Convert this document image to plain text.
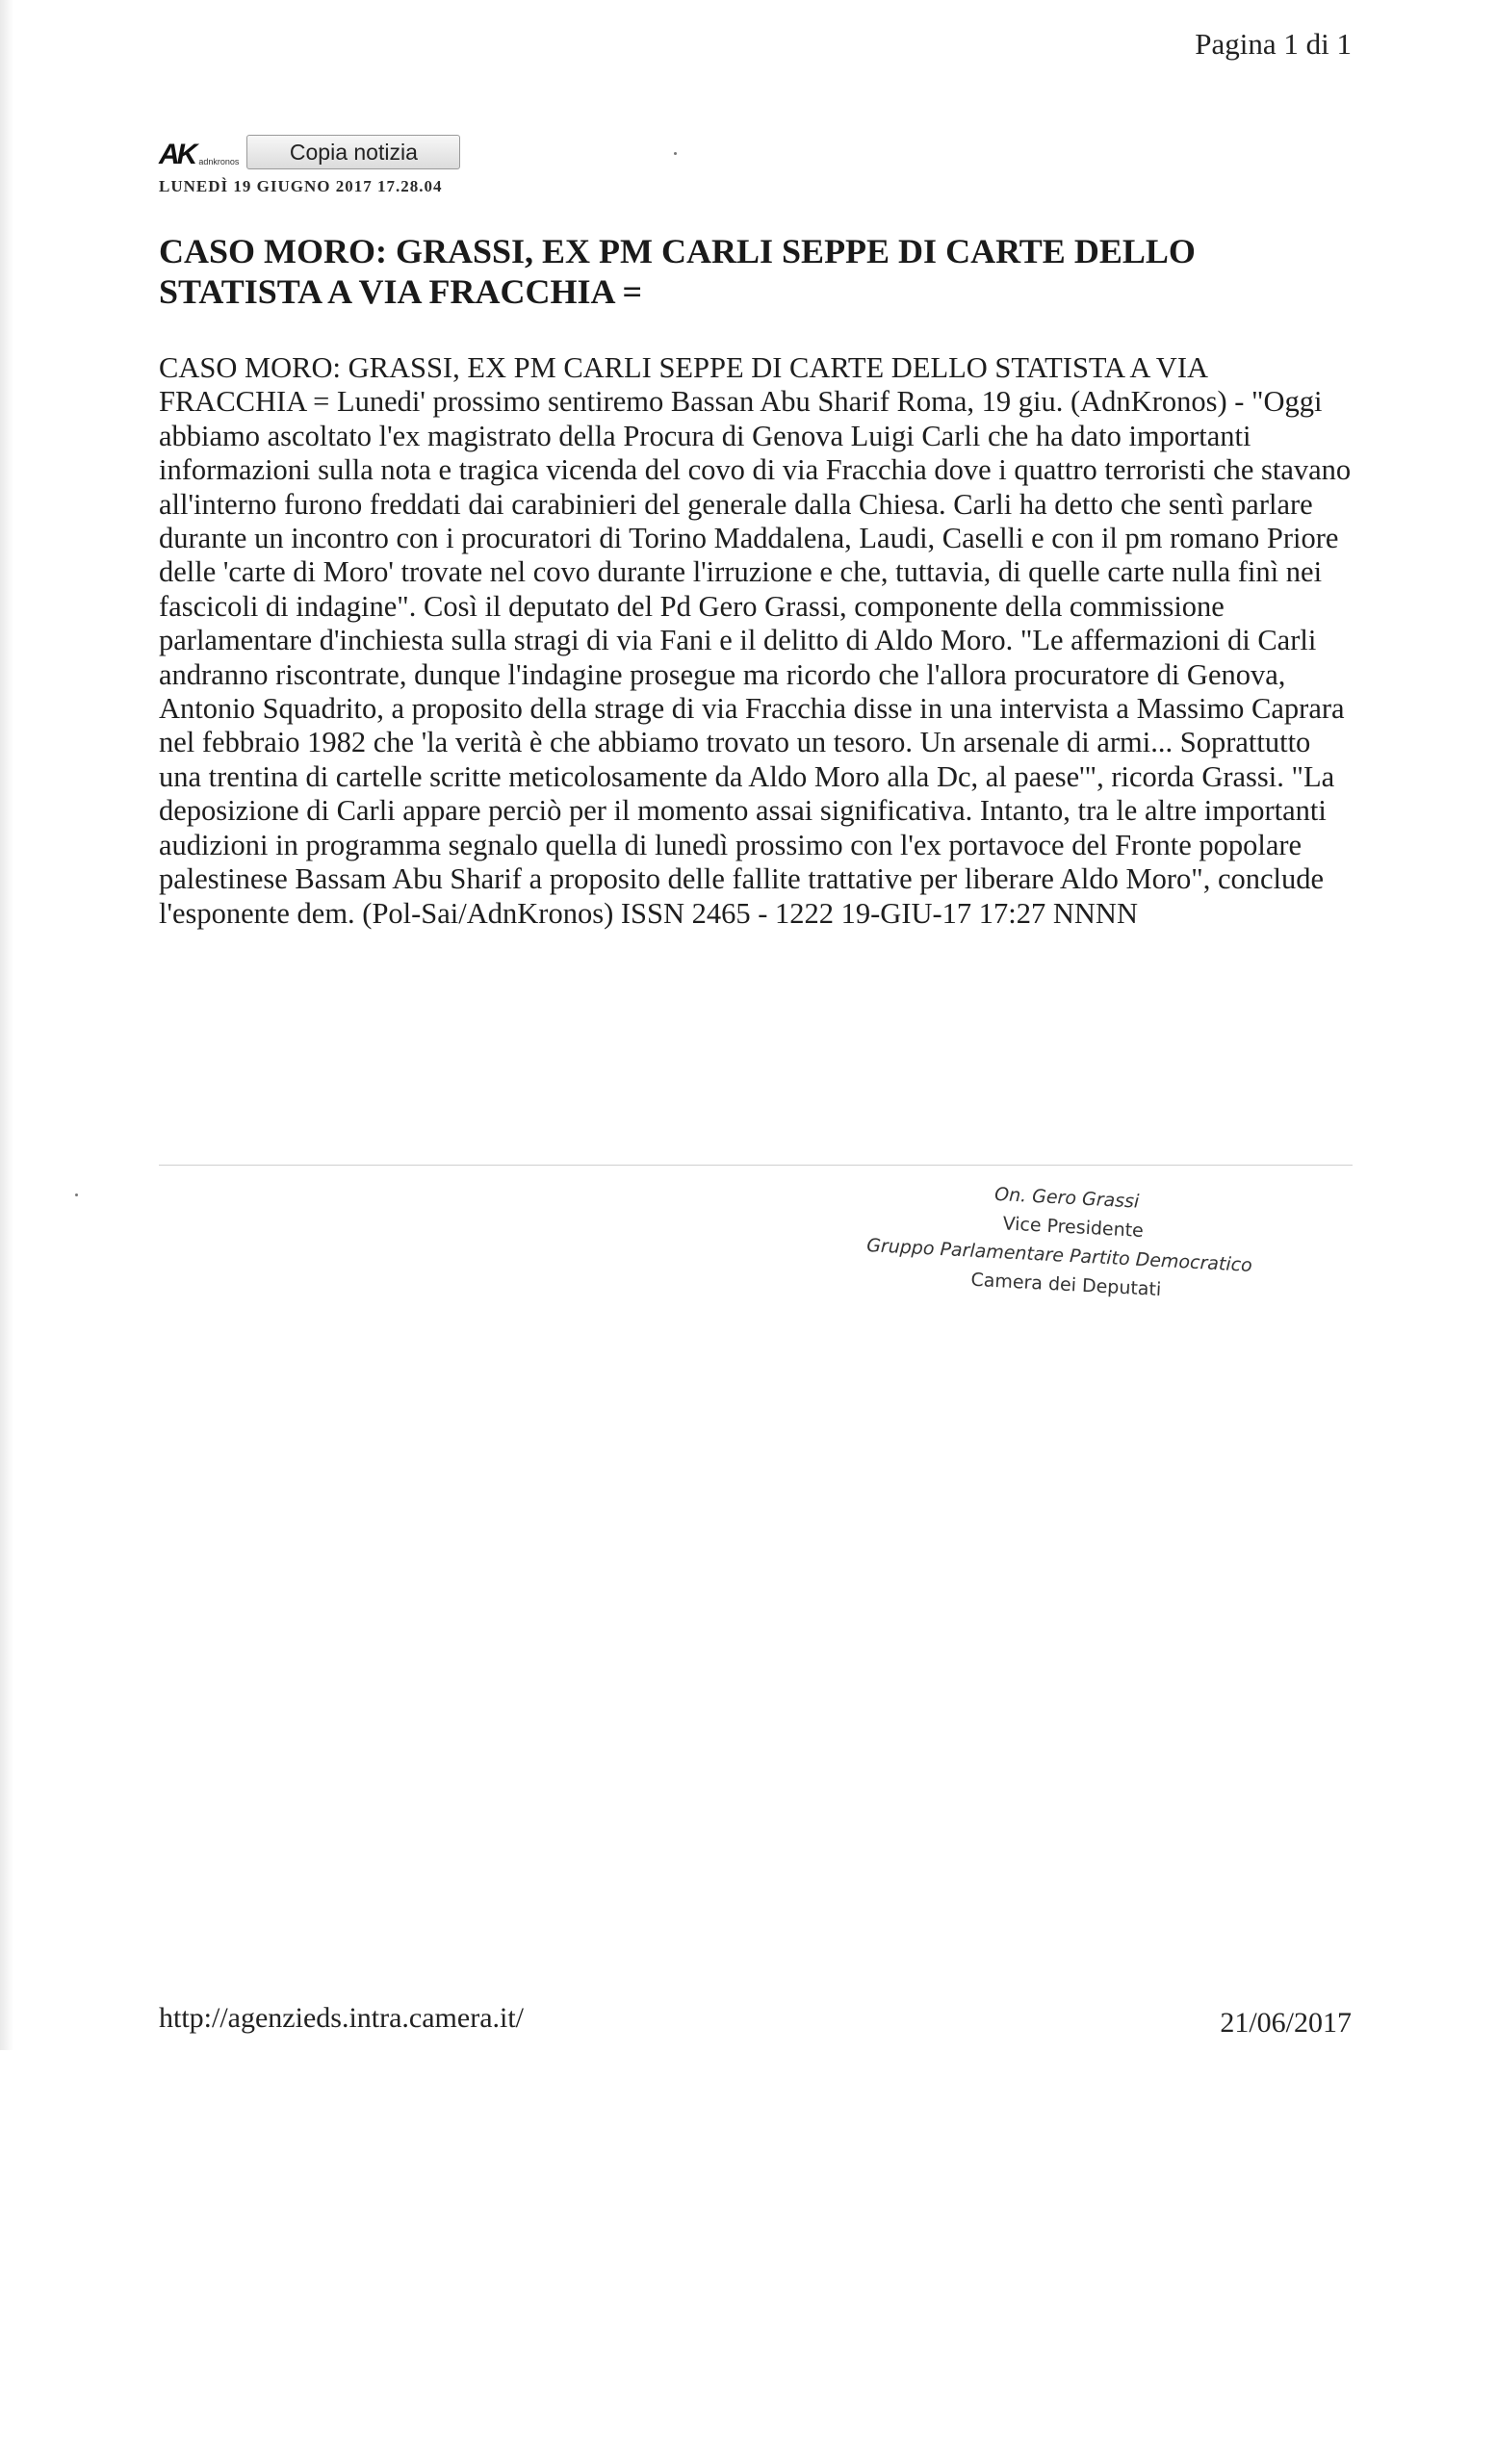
Pagina 1 di 1
AK adnkronos	Copia notizia
LUNEDÌ 19 GIUGNO 2017 17.28.04
CASO MORO: GRASSI, EX PM CARLI SEPPE DI CARTE DELLO STATISTA A VIA FRACCHIA =

CASO MORO: GRASSI, EX PM CARLI SEPPE DI CARTE DELLO STATISTA A VIA FRACCHIA = Lunedi' prossimo sentiremo Bassan Abu Sharif Roma, 19 giu. (AdnKronos) - "Oggi abbiamo ascoltato l'ex magistrato della Procura di Genova Luigi Carli che ha dato importanti informazioni sulla nota e tragica vicenda del covo di via Fracchia dove i quattro terroristi che stavano all'interno furono freddati dai carabinieri del generale dalla Chiesa. Carli ha detto che sentì parlare durante un incontro con i procuratori di Torino Maddalena, Laudi, Caselli e con il pm romano Priore delle 'carte di Moro' trovate nel covo durante l'irruzione e che, tuttavia, di quelle carte nulla finì nei fascicoli di indagine". Così il deputato del Pd Gero Grassi, componente della commissione parlamentare d'inchiesta sulla stragi di via Fani e il delitto di Aldo Moro. "Le affermazioni di Carli andranno riscontrate, dunque l'indagine prosegue ma ricordo che l'allora procuratore di Genova, Antonio Squadrito, a proposito della strage di via Fracchia disse in una intervista a Massimo Caprara nel febbraio 1982 che 'la verità è che abbiamo trovato un tesoro. Un arsenale di armi... Soprattutto una trentina di cartelle scritte meticolosamente da Aldo Moro alla Dc, al paese'", ricorda Grassi. "La deposizione di Carli appare perciò per il momento assai significativa. Intanto, tra le altre importanti audizioni in programma segnalo quella di lunedì prossimo con l'ex portavoce del Fronte popolare palestinese Bassam Abu Sharif a proposito delle fallite trattative per liberare Aldo Moro", conclude l'esponente dem. (Pol-Sai/AdnKronos) ISSN 2465 - 1222 19-GIU-17 17:27 NNNN

On. Gero Grassi
Vice Presidente
Gruppo Parlamentare Partito Democratico
Camera dei Deputati
http://agenzieds.intra.camera.it/	21/06/2017
